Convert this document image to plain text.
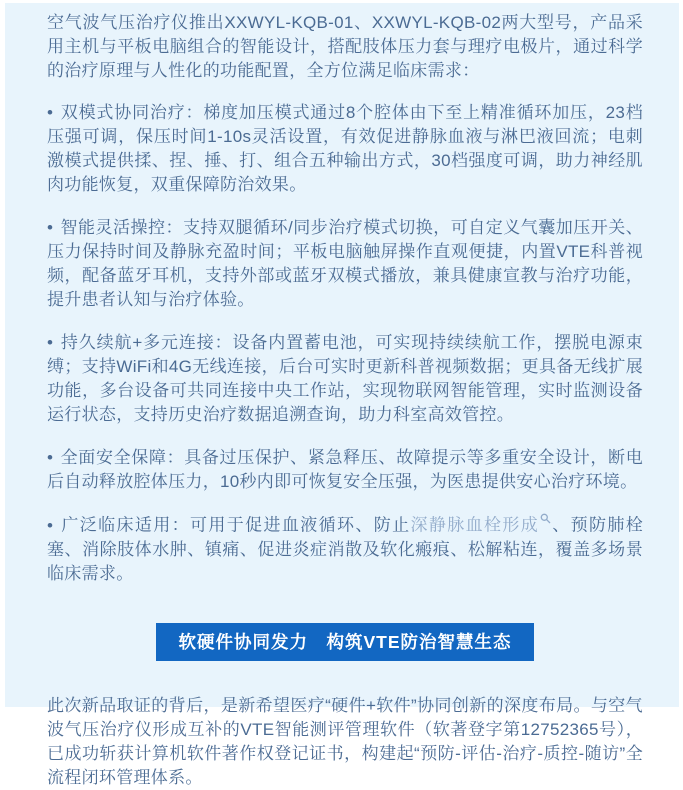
空气波气压治疗仪推出XXWYL-KQB-01、XXWYL-KQB-02两大型号，产品采用主机与平板电脑组合的智能设计，搭配肢体压力套与理疗电极片，通过科学的治疗原理与人性化的功能配置，全方位满足临床需求：

• 双模式协同治疗：梯度加压模式通过8个腔体由下至上精准循环加压，23档压强可调，保压时间1-10s灵活设置，有效促进静脉血液与淋巴液回流；电刺激模式提供揉、捏、捶、打、组合五种输出方式，30档强度可调，助力神经肌肉功能恢复，双重保障防治效果。
• 智能灵活操控：支持双腿循环/同步治疗模式切换，可自定义气囊加压开关、压力保持时间及静脉充盈时间；平板电脑触屏操作直观便捷，内置VTE科普视频，配备蓝牙耳机，支持外部或蓝牙双模式播放，兼具健康宣教与治疗功能，提升患者认知与治疗体验。
• 持久续航+多元连接：设备内置蓄电池，可实现持续续航工作，摆脱电源束缚；支持WiFi和4G无线连接，后台可实时更新科普视频数据；更具备无线扩展功能，多台设备可共同连接中央工作站，实现物联网智能管理，实时监测设备运行状态，支持历史治疗数据追溯查询，助力科室高效管控。
• 全面安全保障：具备过压保护、紧急释压、故障提示等多重安全设计，断电后自动释放腔体压力，10秒内即可恢复安全压强，为医患提供安心治疗环境。
• 广泛临床适用：可用于促进血液循环、防止深静脉血栓形成 、预防肺栓塞、消除肢体水肿、镇痛、促进炎症消散及软化瘢痕、松解粘连，覆盖多场景临床需求。
软硬件协同发力　构筑VTE防治智慧生态

此次新品取证的背后，是新希望医疗“硬件+软件”协同创新的深度布局。与空气波气压治疗仪形成互补的VTE智能测评管理软件（软著登字第12752365号），已成功斩获计算机软件著作权登记证书，构建起“预防-评估-治疗-质控-随访”全流程闭环管理体系。
